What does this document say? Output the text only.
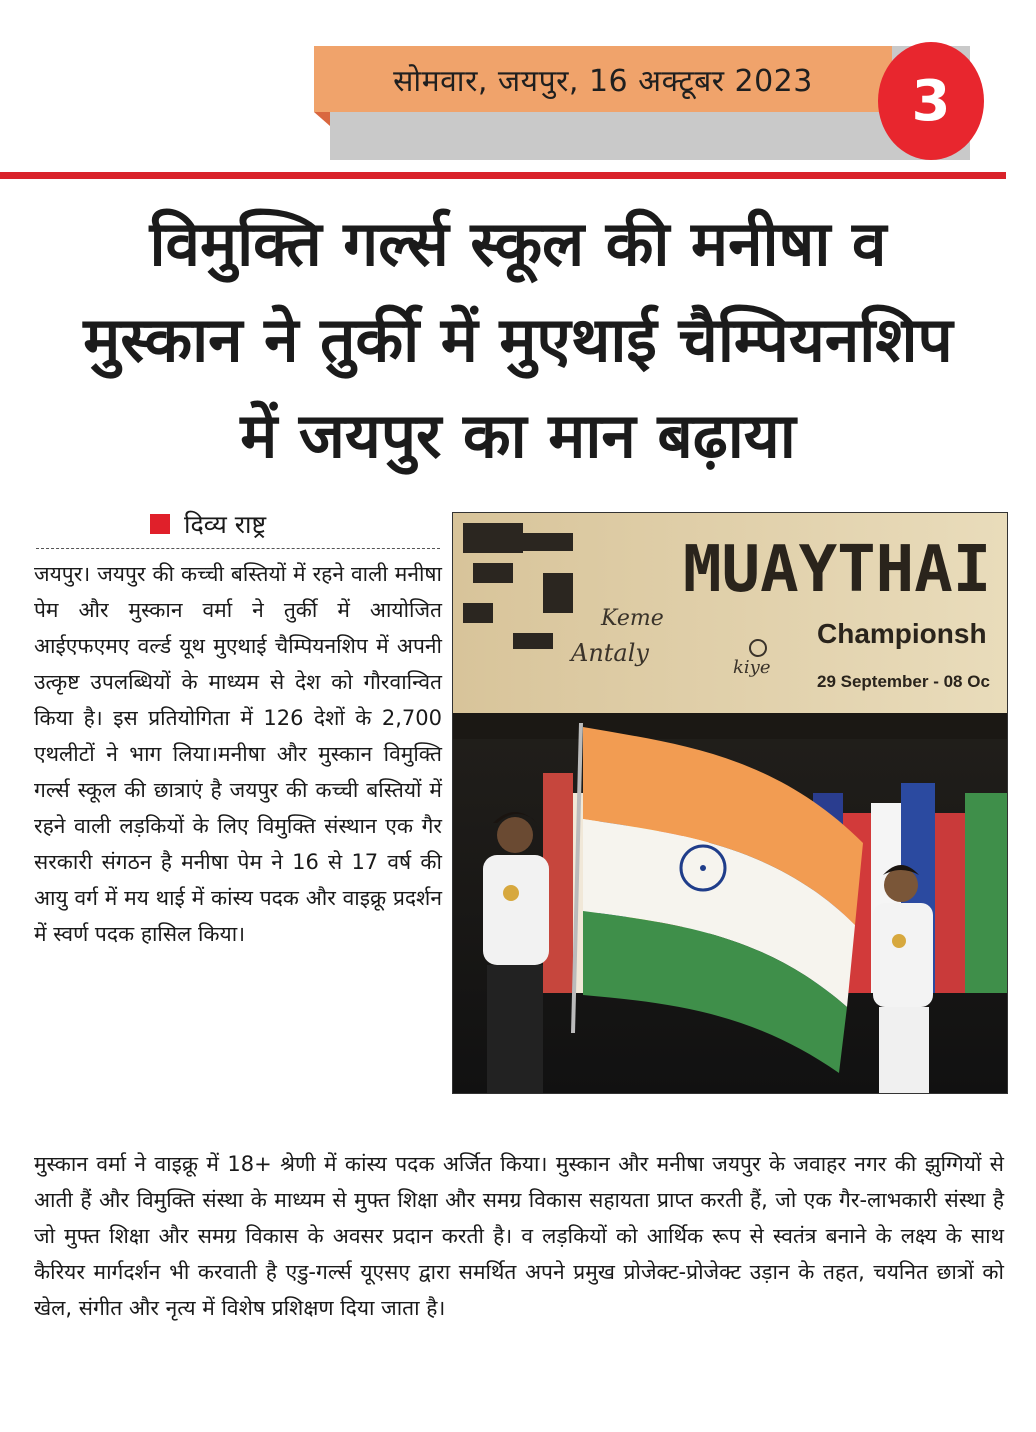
सोमवार, जयपुर, 16 अक्टूबर 2023 3
विमुक्ति गर्ल्स स्कूल की मनीषा व
मुस्कान ने तुर्की में मुएथाई चैम्पियनशिप
में जयपुर का मान बढ़ाया
दिव्य राष्ट्र
जयपुर। जयपुर की कच्ची बस्तियों में रहने वाली मनीषा पेम और मुस्कान वर्मा ने तुर्की में आयोजित आईएफएमए वर्ल्ड यूथ मुएथाई चैम्पियनशिप में अपनी उत्कृष्ट उपलब्धियों के माध्यम से देश को गौरवान्वित किया है। इस प्रतियोगिता में 126 देशों के 2,700 एथलीटों ने भाग लिया।मनीषा और मुस्कान विमुक्ति गर्ल्स स्कूल की छात्राएं है जयपुर की कच्ची बस्तियों में रहने वाली लड़कियों के लिए विमुक्ति संस्थान एक गैर सरकारी संगठन है मनीषा पेम ने 16 से 17 वर्ष की आयु वर्ग में मय थाई में कांस्य पदक और वाइक्रू प्रदर्शन में स्वर्ण पदक हासिल किया।
MUAYTHAI
Keme
Antaly
kiye
Championsh
29 September - 08 Oc
मुस्कान वर्मा ने वाइक्रू में 18+ श्रेणी में कांस्य पदक अर्जित किया। मुस्कान और मनीषा जयपुर के जवाहर नगर की झुग्गियों से आती हैं और विमुक्ति संस्था के माध्यम से मुफ्त शिक्षा और समग्र विकास सहायता प्राप्त करती हैं, जो एक गैर-लाभकारी संस्था है जो मुफ्त शिक्षा और समग्र विकास के अवसर प्रदान करती है। व लड़कियों को आर्थिक रूप से स्वतंत्र बनाने के लक्ष्य के साथ कैरियर मार्गदर्शन भी करवाती है एडु-गर्ल्स यूएसए द्वारा समर्थित अपने प्रमुख प्रोजेक्ट-प्रोजेक्ट उड़ान के तहत, चयनित छात्रों को खेल, संगीत और नृत्य में विशेष प्रशिक्षण दिया जाता है।
